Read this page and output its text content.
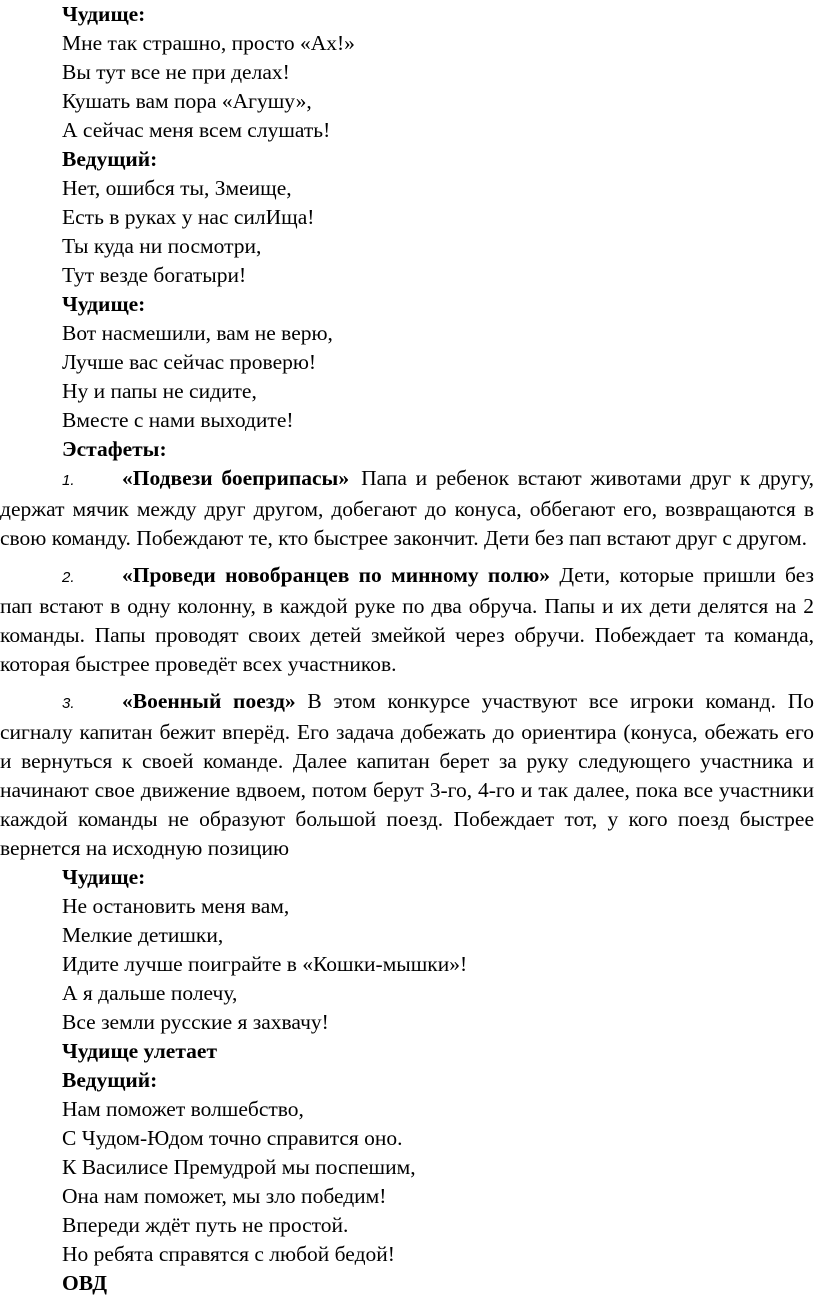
Чудище:

Мне так страшно, просто «Ах!»

Вы тут все не при делах!

Кушать вам пора «Агушу»,

А сейчас меня всем слушать!

Ведущий:

Нет, ошибся ты, Змеище,

Есть в руках у нас силИща!

Ты куда ни посмотри,

Тут везде богатыри!

Чудище:

Вот насмешили, вам не верю,

Лучше вас сейчас проверю!

Ну и папы не сидите,

Вместе с нами выходите!

Эстафеты:

1. «Подвези боеприпасы» Папа и ребенок встают животами друг к другу, держат мячик между друг другом, добегают до конуса, оббегают его, возвращаются в свою команду. Побеждают те, кто быстрее закончит. Дети без пап встают друг с другом.

2. «Проведи новобранцев по минному полю» Дети, которые пришли без пап встают в одну колонну, в каждой руке по два обруча. Папы и их дети делятся на 2 команды. Папы проводят своих детей змейкой через обручи. Побеждает та команда, которая быстрее проведёт всех участников.

3. «Военный поезд» В этом конкурсе участвуют все игроки команд. По сигналу капитан бежит вперёд. Его задача добежать до ориентира (конуса, обежать его и вернуться к своей команде. Далее капитан берет за руку следующего участника и начинают свое движение вдвоем, потом берут 3-го, 4-го и так далее, пока все участники каждой команды не образуют большой поезд. Побеждает тот, у кого поезд быстрее вернется на исходную позицию

Чудище:

Не остановить меня вам,

Мелкие детишки,

Идите лучше поиграйте в «Кошки-мышки»!

А я дальше полечу,

Все земли русские я захвачу!

Чудище улетает

Ведущий:

Нам поможет волшебство,

С Чудом-Юдом точно справится оно.

К Василисе Премудрой мы поспешим,

Она нам поможет, мы зло победим!

Впереди ждёт путь не простой.

Но ребята справятся с любой бедой!

ОВД
